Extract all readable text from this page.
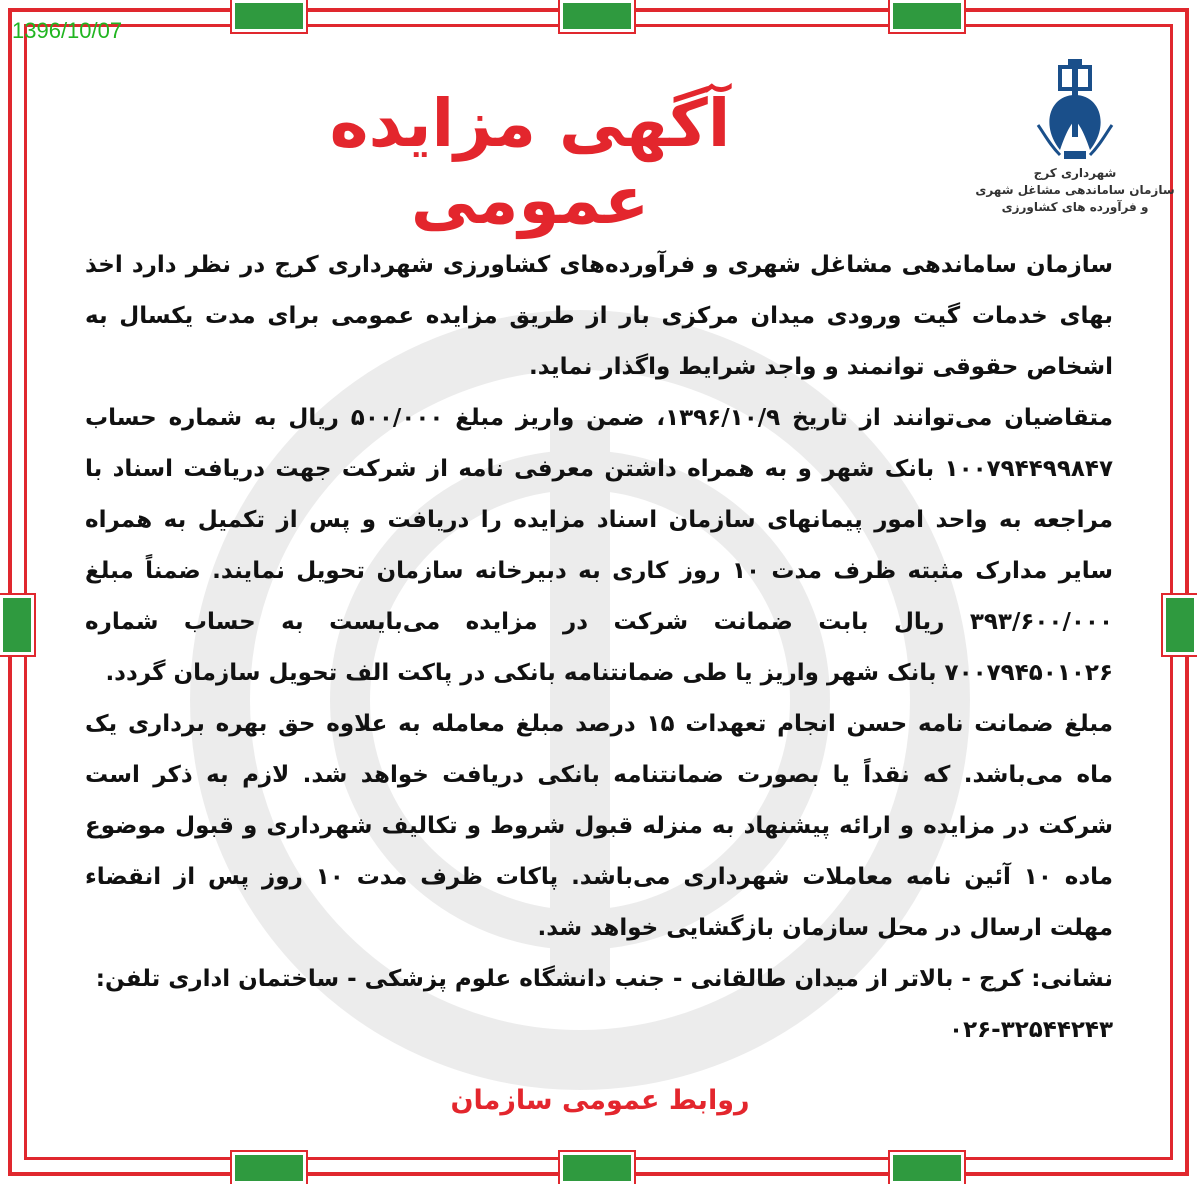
1396/10/07
آگهی مزایده عمومی	شهرداری کرج
سازمان ساماندهی مشاغل شهری
و فرآورده های کشاورزی

سازمان ساماندهی مشاغل شهری و فرآورده‌های کشاورزی شهرداری کرج در نظر دارد اخذ بهای خدمات گیت ورودی میدان مرکزی بار از طریق مزایده عمومی برای مدت یکسال به اشخاص حقوقی توانمند و واجد شرایط واگذار نماید.

متقاضیان می‌توانند از تاریخ ۱۳۹۶/۱۰/۹، ضمن واریز مبلغ ۵۰۰/۰۰۰ ریال به شماره حساب ۱۰۰۷۹۴۴۹۹۸۴۷ بانک شهر و به همراه داشتن معرفی نامه از شرکت جهت دریافت اسناد با مراجعه به واحد امور پیمانهای سازمان اسناد مزایده را دریافت و پس از تکمیل به همراه سایر مدارک مثبته ظرف مدت ۱۰ روز کاری به دبیرخانه سازمان تحویل نمایند. ضمناً مبلغ ۳۹۳/۶۰۰/۰۰۰ ریال بابت ضمانت شرکت در مزایده می‌بایست به حساب شماره ۷۰۰۷۹۴۵۰۱۰۲۶ بانک شهر واریز یا طی ضمانتنامه بانکی در پاکت الف تحویل سازمان گردد.

مبلغ ضمانت نامه حسن انجام تعهدات ۱۵ درصد مبلغ معامله به علاوه حق بهره برداری یک ماه می‌باشد. که نقداً یا بصورت ضمانتنامه بانکی دریافت خواهد شد. لازم به ذکر است شرکت در مزایده و ارائه پیشنهاد به منزله قبول شروط و تکالیف شهرداری و قبول موضوع ماده ۱۰ آئین نامه معاملات شهرداری می‌باشد. پاکات ظرف مدت ۱۰ روز پس از انقضاء مهلت ارسال در محل سازمان بازگشایی خواهد شد.

نشانی: کرج - بالاتر از میدان طالقانی - جنب دانشگاه علوم پزشکی - ساختمان اداری تلفن:

۰۲۶-۳۲۵۴۴۲۴۳

روابط عمومی سازمان
